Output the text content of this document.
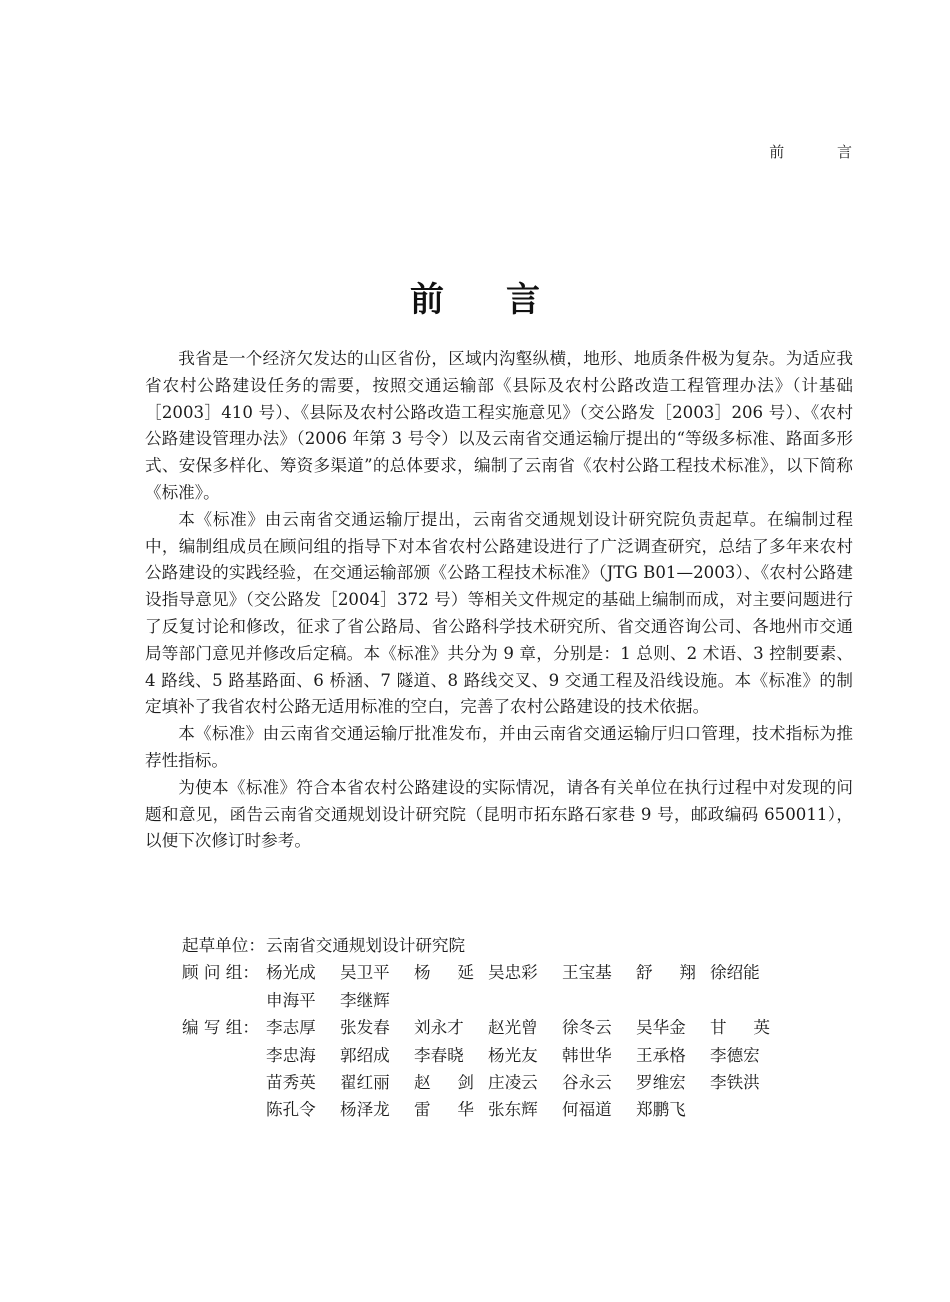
前 言
前言

我省是一个经济欠发达的山区省份，区域内沟壑纵横，地形、地质条件极为复杂。为适应我省农村公路建设任务的需要，按照交通运输部《县际及农村公路改造工程管理办法》（计基础［2003］410 号）、《县际及农村公路改造工程实施意见》（交公路发［2003］206 号）、《农村公路建设管理办法》（2006 年第 3 号令）以及云南省交通运输厅提出的“等级多标准、路面多形式、安保多样化、筹资多渠道”的总体要求，编制了云南省《农村公路工程技术标准》，以下简称《标准》。

本《标准》由云南省交通运输厅提出，云南省交通规划设计研究院负责起草。在编制过程中，编制组成员在顾问组的指导下对本省农村公路建设进行了广泛调查研究，总结了多年来农村公路建设的实践经验，在交通运输部颁《公路工程技术标准》（JTG B01—2003）、《农村公路建设指导意见》（交公路发［2004］372 号）等相关文件规定的基础上编制而成，对主要问题进行了反复讨论和修改，征求了省公路局、省公路科学技术研究所、省交通咨询公司、各地州市交通局等部门意见并修改后定稿。本《标准》共分为 9 章，分别是：1 总则、2 术语、3 控制要素、4 路线、5 路基路面、6 桥涵、7 隧道、8 路线交叉、9 交通工程及沿线设施。本《标准》的制定填补了我省农村公路无适用标准的空白，完善了农村公路建设的技术依据。

本《标准》由云南省交通运输厅批准发布，并由云南省交通运输厅归口管理，技术指标为推荐性指标。

为使本《标准》符合本省农村公路建设的实际情况，请各有关单位在执行过程中对发现的问题和意见，函告云南省交通规划设计研究院（昆明市拓东路石家巷 9 号，邮政编码 650011），以便下次修订时参考。

起草单位： 云南省交通规划设计研究院
顾 问 组： 杨光成	吴卫平	杨延 吴忠彩	王宝基	舒翔 徐绍能
申海平	李继辉
编 写 组： 李志厚	张发春	刘永才	赵光曾	徐冬云	吴华金	甘英
李忠海	郭绍成	李春晓	杨光友	韩世华	王承格	李德宏
苗秀英	翟红丽	赵剑 庄凌云	谷永云	罗维宏	李铁洪
陈孔令	杨泽龙	雷华 张东辉	何福道	郑鹏飞
